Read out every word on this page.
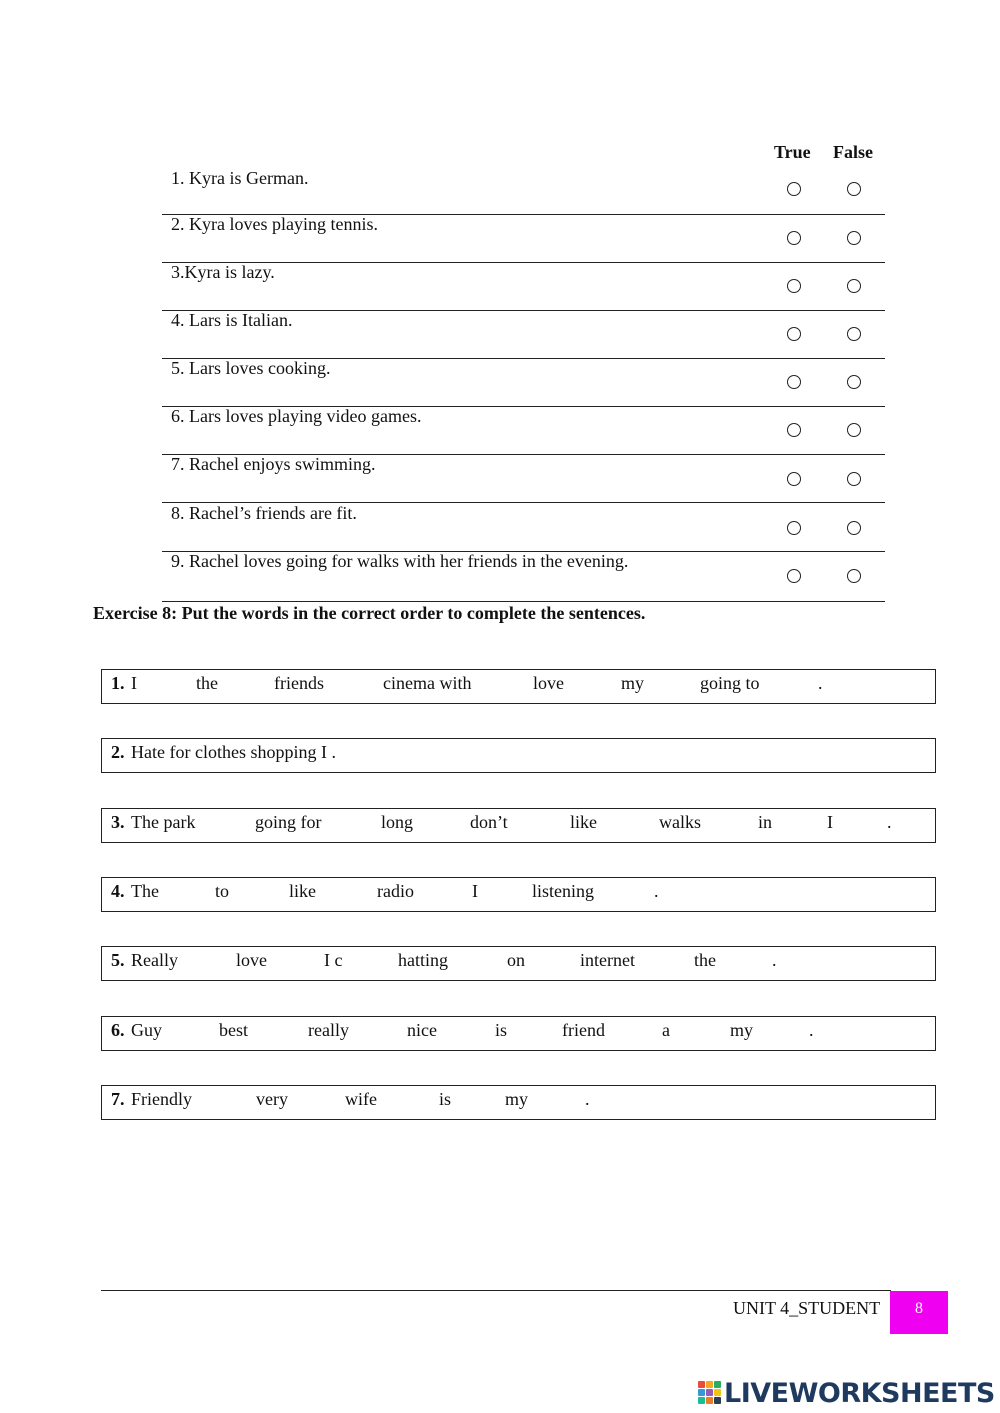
True False
1. Kyra is German.
2. Kyra loves playing tennis.
3.Kyra is lazy.
4. Lars is Italian.
5. Lars loves cooking.
6. Lars loves playing video games.
7. Rachel enjoys swimming.
8. Rachel’s friends are fit.
9. Rachel loves going for walks with her friends in the evening.
Exercise 8: Put the words in the correct order to complete the sentences.
1. I	the	friends	cinema with	love	my	going to	.
2. Hate for clothes shopping I .
3. The park	going for	long	don’t	like	walks	in	I	.
4. The	to	like	radio	I	listening	.
5. Really	love	I c	hatting	on	internet	the	.
6. Guy	best	really	nice	is	friend	a	my	.
7. Friendly	very	wife	is	my	.
UNIT 4_STUDENT	8
LIVEWORKSHEETS
